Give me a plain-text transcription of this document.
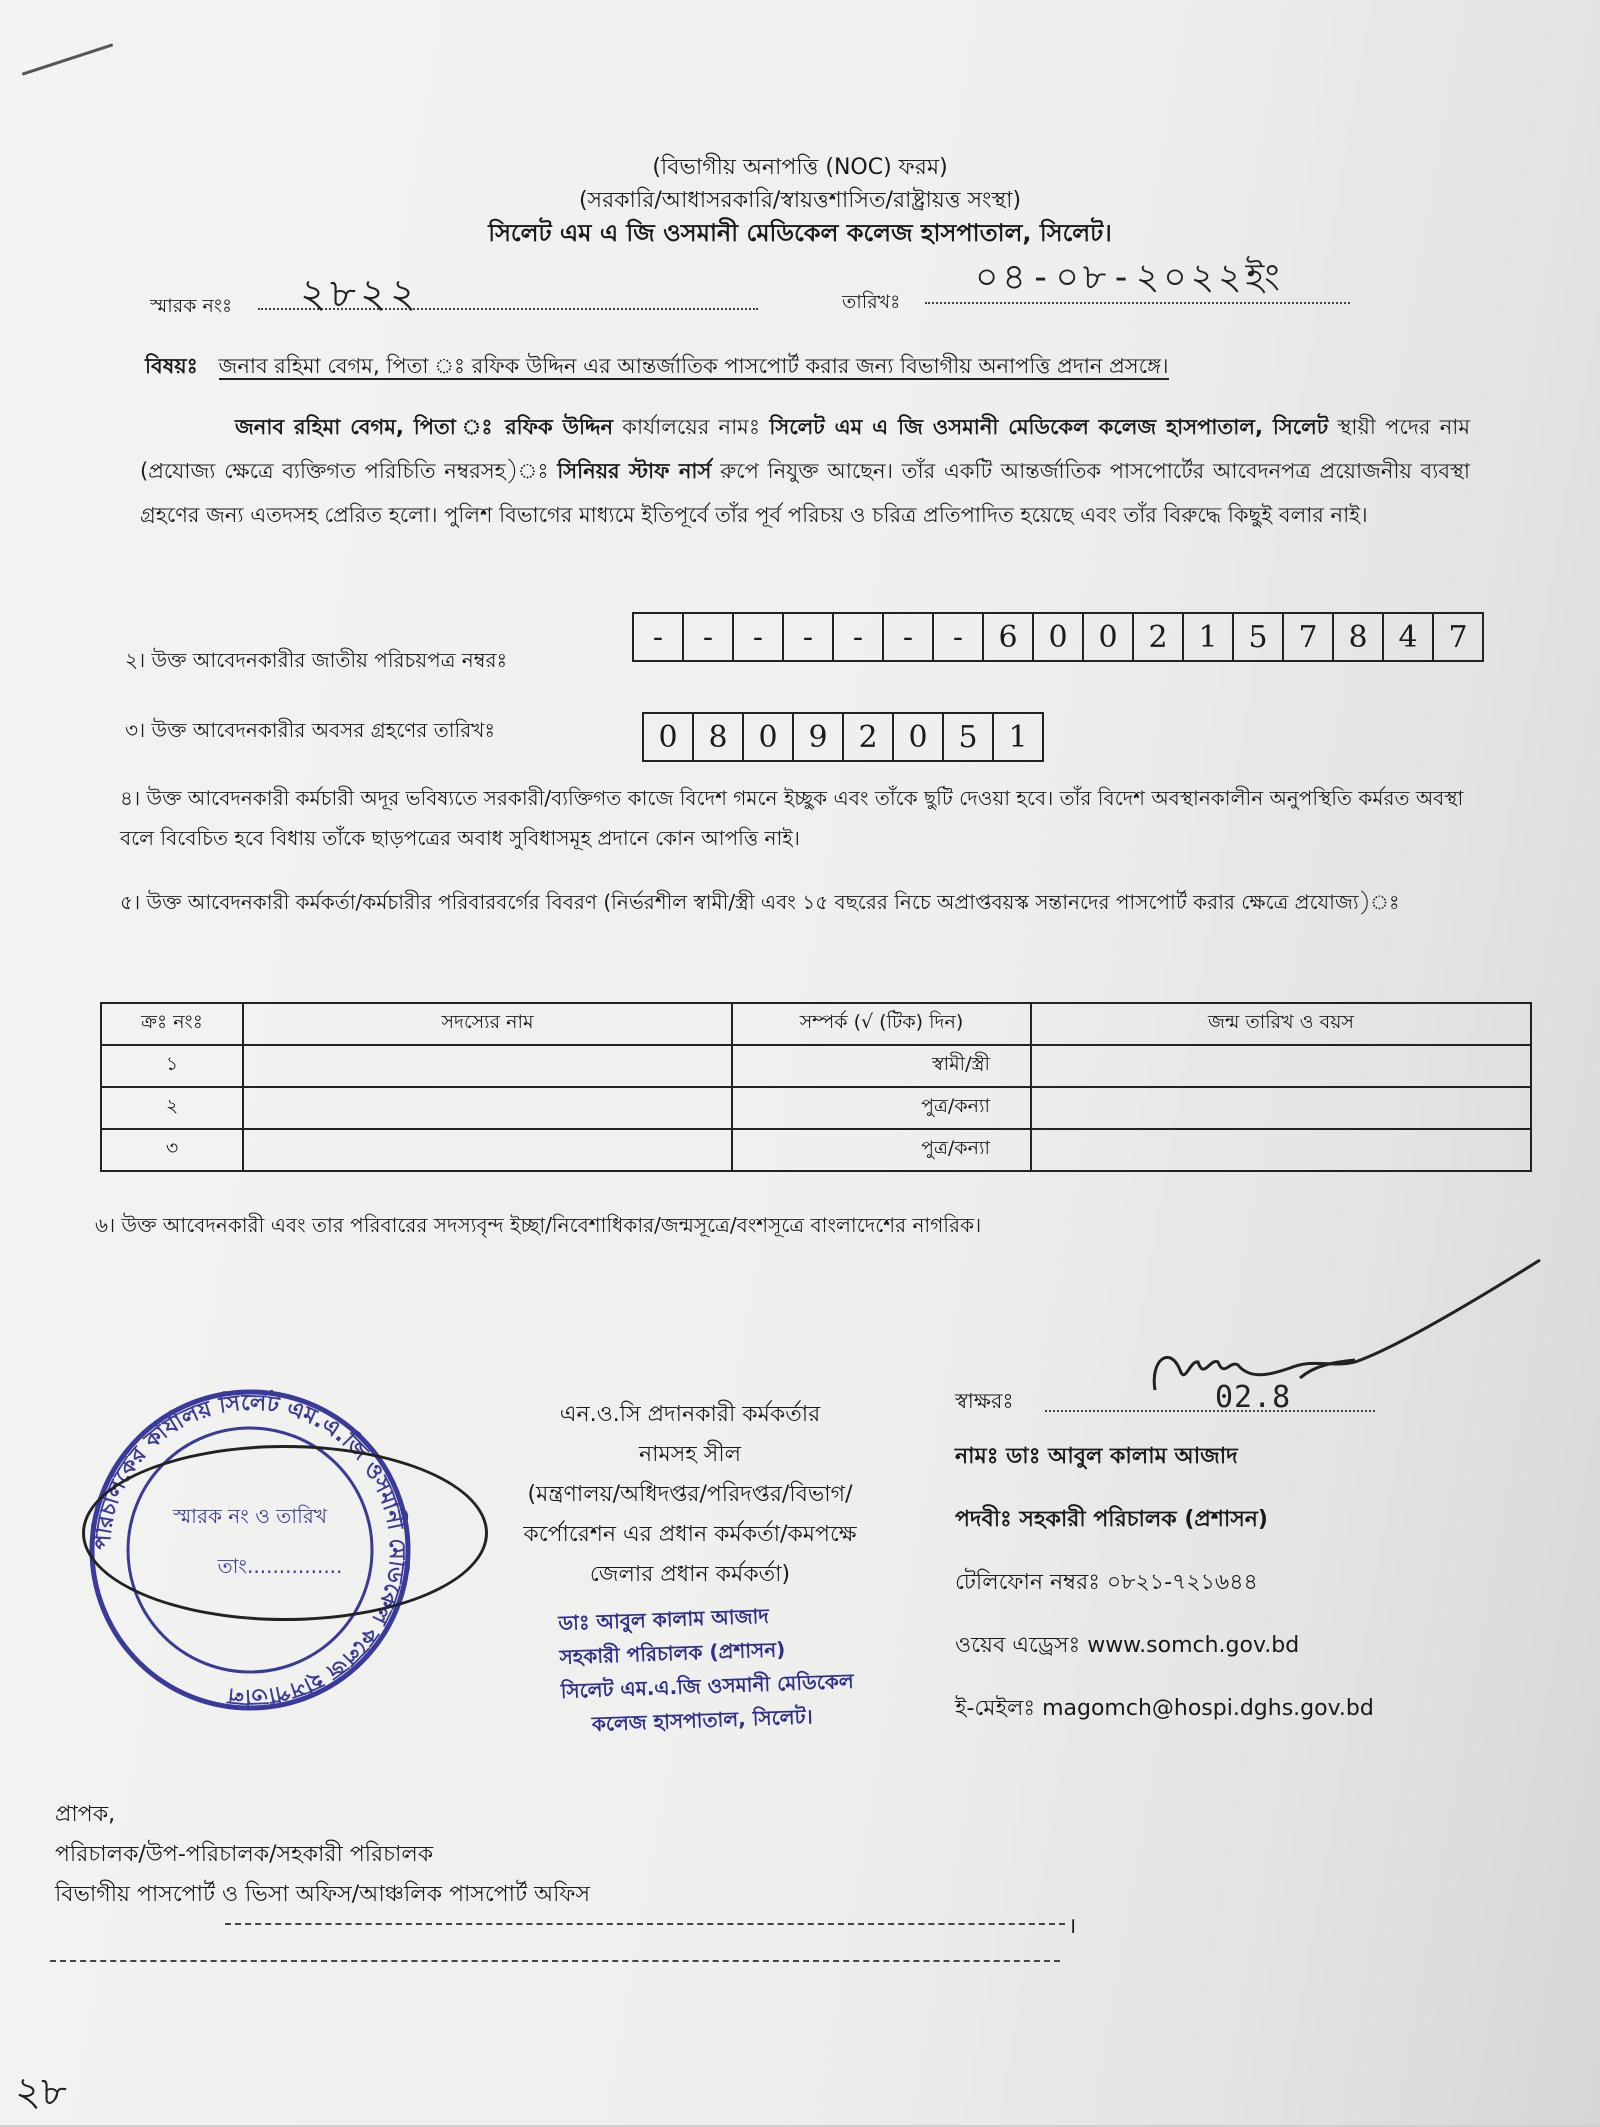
(বিভাগীয় অনাপত্তি (NOC) ফরম)
(সরকারি/আধাসরকারি/স্বায়ত্তশাসিত/রাষ্ট্রায়ত্ত সংস্থা)
সিলেট এম এ জি ওসমানী মেডিকেল কলেজ হাসপাতাল, সিলেট।
স্মারক নংঃ ২৮২২	তারিখঃ
০৪-০৮-২০২২ইং
বিষয়ঃ জনাব রহিমা বেগম, পিতা ঃ রফিক উদ্দিন এর আন্তর্জাতিক পাসপোর্ট করার জন্য বিভাগীয় অনাপত্তি প্রদান প্রসঙ্গে।
জনাব রহিমা বেগম, পিতা ঃ রফিক উদ্দিন কার্যালয়ের নামঃ সিলেট এম এ জি ওসমানী মেডিকেল কলেজ হাসপাতাল, সিলেট স্থায়ী পদের নাম (প্রযোজ্য ক্ষেত্রে ব্যক্তিগত পরিচিতি নম্বরসহ)ঃ সিনিয়র স্টাফ নার্স রুপে নিযুক্ত আছেন। তাঁর একটি আন্তর্জাতিক পাসপোর্টের আবেদনপত্র প্রয়োজনীয় ব্যবস্থা গ্রহণের জন্য এতদসহ প্রেরিত হলো। পুলিশ বিভাগের মাধ্যমে ইতিপূর্বে তাঁর পূর্ব পরিচয় ও চরিত্র প্রতিপাদিত হয়েছে এবং তাঁর বিরুদ্ধে কিছুই বলার নাই।
২। উক্ত আবেদনকারীর জাতীয় পরিচয়পত্র নম্বরঃ
-	-	-	-	-	-	-	6	0	0	2	1	5	7	8	4	7
৩। উক্ত আবেদনকারীর অবসর গ্রহণের তারিখঃ	0	8	0	9	2	0	5	1
৪। উক্ত আবেদনকারী কর্মচারী অদূর ভবিষ্যতে সরকারী/ব্যক্তিগত কাজে বিদেশ গমনে ইচ্ছুক এবং তাঁকে ছুটি দেওয়া হবে। তাঁর বিদেশ অবস্থানকালীন অনুপস্থিতি কর্মরত অবস্থা বলে বিবেচিত হবে বিধায় তাঁকে ছাড়পত্রের অবাধ সুবিধাসমূহ প্রদানে কোন আপত্তি নাই।
৫। উক্ত আবেদনকারী কর্মকর্তা/কর্মচারীর পরিবারবর্গের বিবরণ (নির্ভরশীল স্বামী/স্ত্রী এবং ১৫ বছরের নিচে অপ্রাপ্তবয়স্ক সন্তানদের পাসপোর্ট করার ক্ষেত্রে প্রযোজ্য)ঃ
ক্রঃ নংঃ	সদস্যের নাম	সম্পর্ক (√ (টিক) দিন)	জন্ম তারিখ ও বয়স
১		স্বামী/স্ত্রী	
২		পুত্র/কন্যা	
৩		পুত্র/কন্যা	
৬। উক্ত আবেদনকারী এবং তার পরিবারের সদস্যবৃন্দ ইচ্ছা/নিবেশাধিকার/জন্মসূত্রে/বংশসূত্রে বাংলাদেশের নাগরিক।
পরিচালকের কার্যালয় সিলেট এম.এ.জি ওসমানী মেডিকেল কলেজ হাসপাতাল
স্মারক নং ও তারিখ
তাং...............
এন.ও.সি প্রদানকারী কর্মকর্তার
নামসহ সীল
(মন্ত্রণালয়/অধিদপ্তর/পরিদপ্তর/বিভাগ/
কর্পোরেশন এর প্রধান কর্মকর্তা/কমপক্ষে
জেলার প্রধান কর্মকর্তা)
ডাঃ আবুল কালাম আজাদ
সহকারী পরিচালক (প্রশাসন)
সিলেট এম.এ.জি ওসমানী মেডিকেল
কলেজ হাসপাতাল, সিলেট।
স্বাক্ষরঃ	02.8
নামঃ ডাঃ আবুল কালাম আজাদ
পদবীঃ সহকারী পরিচালক (প্রশাসন)
টেলিফোন নম্বরঃ ০৮২১-৭২১৬৪৪
ওয়েব এড্রেসঃ www.somch.gov.bd
ই-মেইলঃ magomch@hospi.dghs.gov.bd
প্রাপক,
পরিচালক/উপ-পরিচালক/সহকারী পরিচালক
বিভাগীয় পাসপোর্ট ও ভিসা অফিস/আঞ্চলিক পাসপোর্ট অফিস
।
২৮
